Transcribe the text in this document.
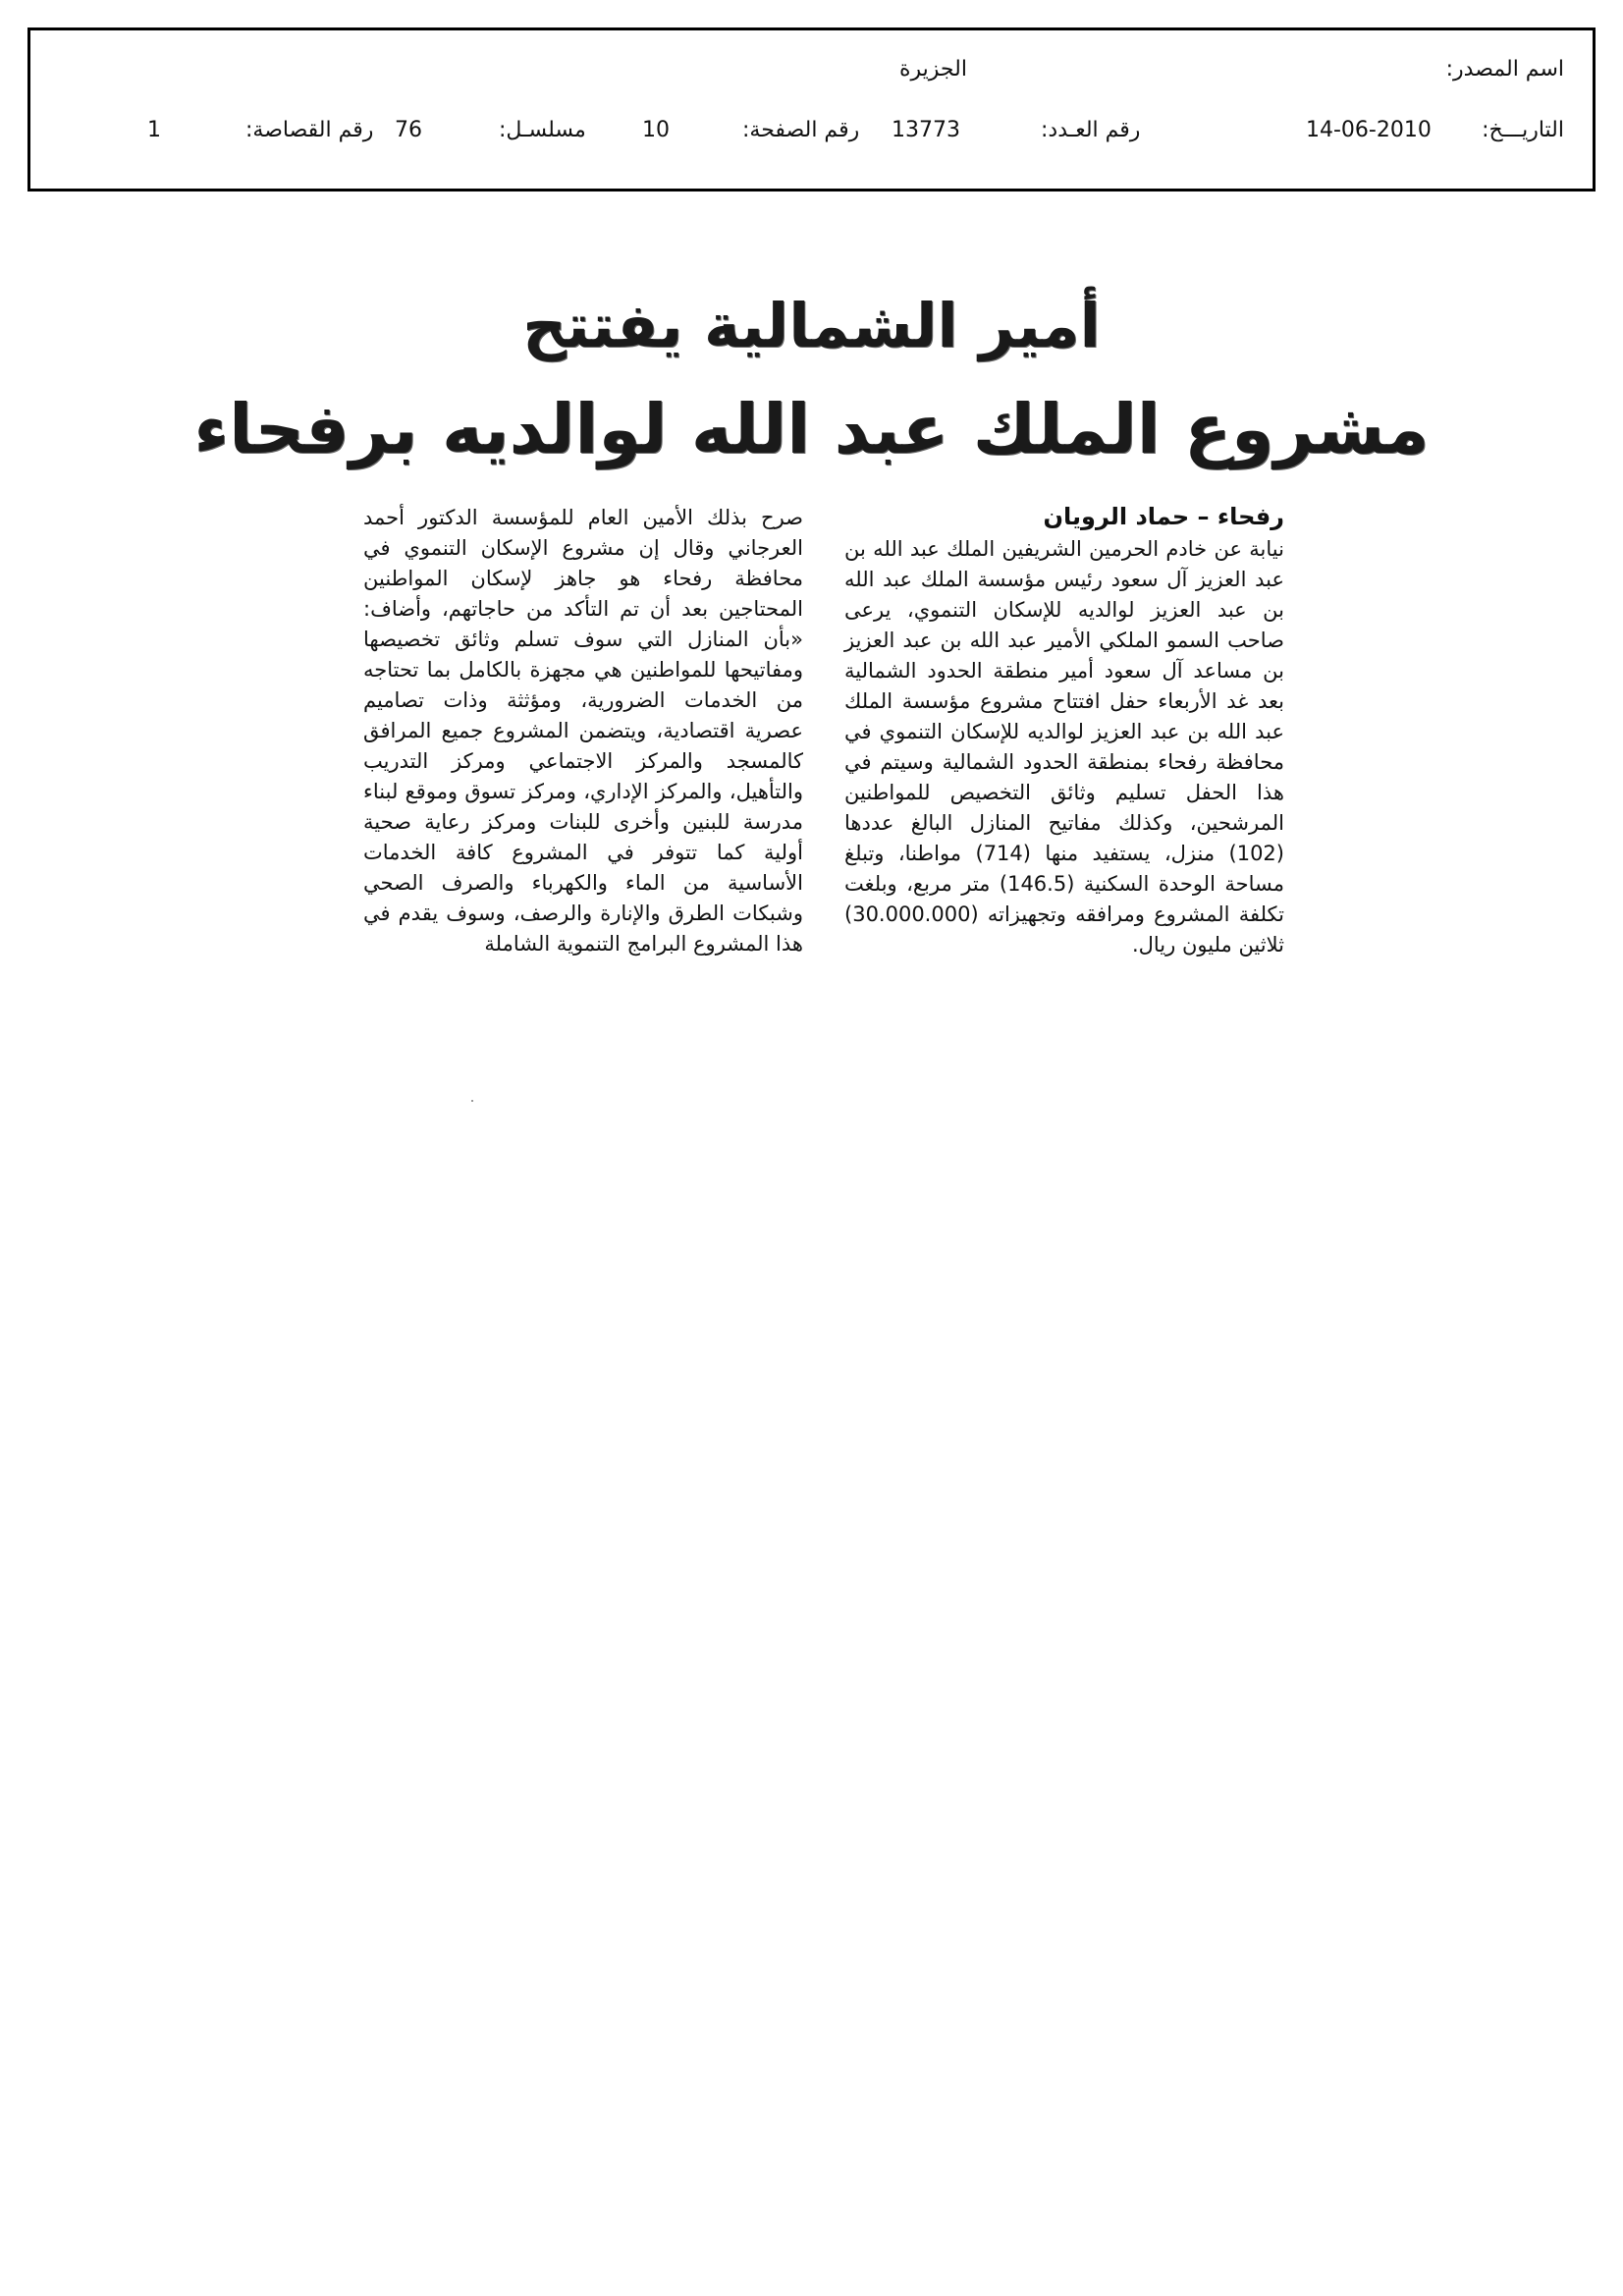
اسم المصدر:
الجزيرة
التاريـــخ:
14-06-2010
رقم العـدد:
13773
رقم الصفحة:
10
مسلسـل:
76
رقم القصاصة:
1
أمير الشمالية يفتتح
مشروع الملك عبد الله لوالديه برفحاء
رفحاء – حماد الرويان
نيابة عن خادم الحرمين الشريفين الملك عبد الله بن عبد العزيز آل سعود رئيس مؤسسة الملك عبد الله بن عبد العزيز لوالديه للإسكان التنموي، يرعى صاحب السمو الملكي الأمير عبد الله بن عبد العزيز بن مساعد آل سعود أمير منطقة الحدود الشمالية بعد غد الأربعاء حفل افتتاح مشروع مؤسسة الملك عبد الله بن عبد العزيز لوالديه للإسكان التنموي في محافظة رفحاء بمنطقة الحدود الشمالية وسيتم في هذا الحفل تسليم وثائق التخصيص للمواطنين المرشحين، وكذلك مفاتيح المنازل البالغ عددها (102) منزل، يستفيد منها (714) مواطنا، وتبلغ مساحة الوحدة السكنية (146.5) متر مربع، وبلغت تكلفة المشروع ومرافقه وتجهيزاته (30.000.000) ثلاثين مليون ريال.
صرح بذلك الأمين العام للمؤسسة الدكتور أحمد العرجاني وقال إن مشروع الإسكان التنموي في محافظة رفحاء هو جاهز لإسكان المواطنين المحتاجين بعد أن تم التأكد من حاجاتهم، وأضاف: «بأن المنازل التي سوف تسلم وثائق تخصيصها ومفاتيحها للمواطنين هي مجهزة بالكامل بما تحتاجه من الخدمات الضرورية، ومؤثثة وذات تصاميم عصرية اقتصادية، ويتضمن المشروع جميع المرافق كالمسجد والمركز الاجتماعي ومركز التدريب والتأهيل، والمركز الإداري، ومركز تسوق وموقع لبناء مدرسة للبنين وأخرى للبنات ومركز رعاية صحية أولية كما تتوفر في المشروع كافة الخدمات الأساسية من الماء والكهرباء والصرف الصحي وشبكات الطرق والإنارة والرصف، وسوف يقدم في هذا المشروع البرامج التنموية الشاملة
